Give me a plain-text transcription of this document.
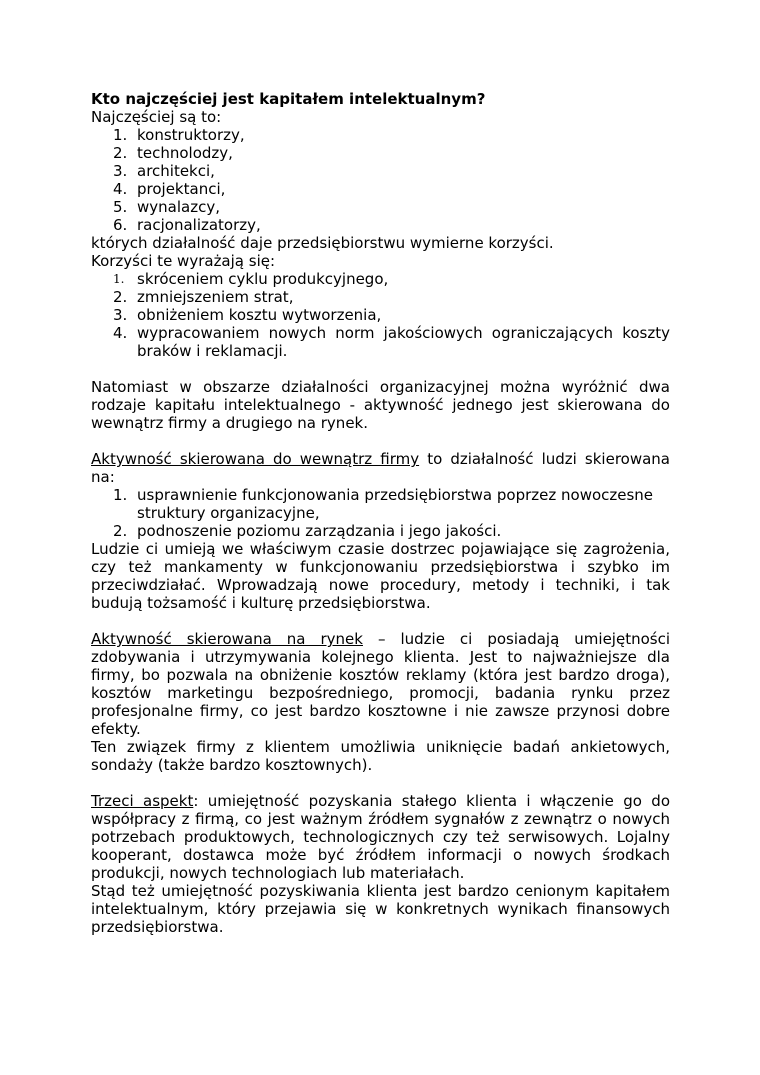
Kto najczęściej jest kapitałem intelektualnym?

Najczęściej są to:

1. konstruktorzy,
2. technolodzy,
3. architekci,
4. projektanci,
5. wynalazcy,
6. racjonalizatorzy,

których działalność daje przedsiębiorstwu wymierne korzyści.

Korzyści te wyrażają się:

1. skróceniem cyklu produkcyjnego,
2. zmniejszeniem strat,
3. obniżeniem kosztu wytworzenia,
4. wypracowaniem nowych norm jakościowych ograniczających koszty braków i reklamacji.

Natomiast w obszarze działalności organizacyjnej można wyróżnić dwa rodzaje kapitału intelektualnego - aktywność jednego jest skierowana do wewnątrz firmy a drugiego na rynek.

Aktywność skierowana do wewnątrz firmy to działalność ludzi skierowana na:

1. usprawnienie funkcjonowania przedsiębiorstwa poprzez nowoczesne struktury organizacyjne,
2. podnoszenie poziomu zarządzania i jego jakości.

Ludzie ci umieją we właściwym czasie dostrzec pojawiające się zagrożenia, czy też mankamenty w funkcjonowaniu przedsiębiorstwa i szybko im przeciwdziałać. Wprowadzają nowe procedury, metody i techniki, i tak budują tożsamość i kulturę przedsiębiorstwa.

Aktywność skierowana na rynek – ludzie ci posiadają umiejętności zdobywania i utrzymywania kolejnego klienta. Jest to najważniejsze dla firmy, bo pozwala na obniżenie kosztów reklamy (która jest bardzo droga), kosztów marketingu bezpośredniego, promocji, badania rynku przez profesjonalne firmy, co jest bardzo kosztowne i nie zawsze przynosi dobre efekty.

Ten związek firmy z klientem umożliwia uniknięcie badań ankietowych, sondaży (także bardzo kosztownych).

Trzeci aspekt: umiejętność pozyskania stałego klienta i włączenie go do współpracy z firmą, co jest ważnym źródłem sygnałów z zewnątrz o nowych potrzebach produktowych, technologicznych czy też serwisowych. Lojalny kooperant, dostawca może być źródłem informacji o nowych środkach produkcji, nowych technologiach lub materiałach.

Stąd też umiejętność pozyskiwania klienta jest bardzo cenionym kapitałem intelektualnym, który przejawia się w konkretnych wynikach finansowych przedsiębiorstwa.
